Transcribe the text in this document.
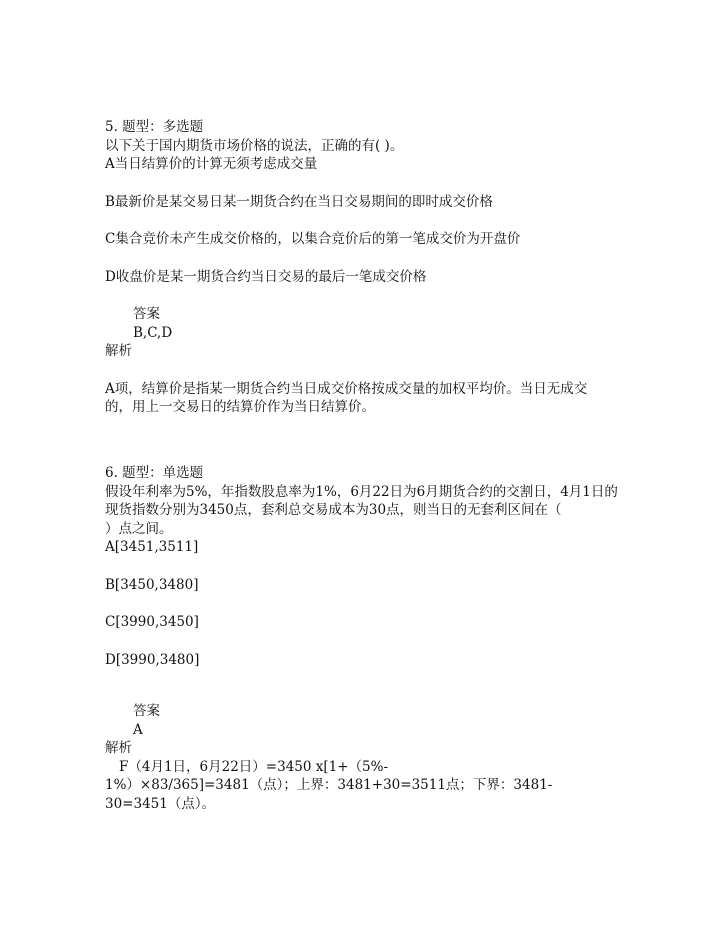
5. 题型：多选题

以下关于国内期货市场价格的说法，正确的有( )。

A当日结算价的计算无须考虑成交量

B最新价是某交易日某一期货合约在当日交易期间的即时成交价格

C集合竞价未产生成交价格的，以集合竞价后的第一笔成交价为开盘价

D收盘价是某一期货合约当日交易的最后一笔成交价格

答案

B,C,D

解析

A项，结算价是指某一期货合约当日成交价格按成交量的加权平均价。当日无成交

的，用上一交易日的结算价作为当日结算价。

6. 题型：单选题

假设年利率为5%，年指数股息率为1%，6月22日为6月期货合约的交割日，4月1日的

现货指数分别为3450点，套利总交易成本为30点，则当日的无套利区间在（

）点之间。

A[3451,3511]

B[3450,3480]

C[3990,3450]

D[3990,3480]

答案

A

解析

F（4月1日，6月22日）=3450 x[1+（5%-

1%）×83/365]=3481（点）；上界：3481+30=3511点；下界：3481-

30=3451（点）。
